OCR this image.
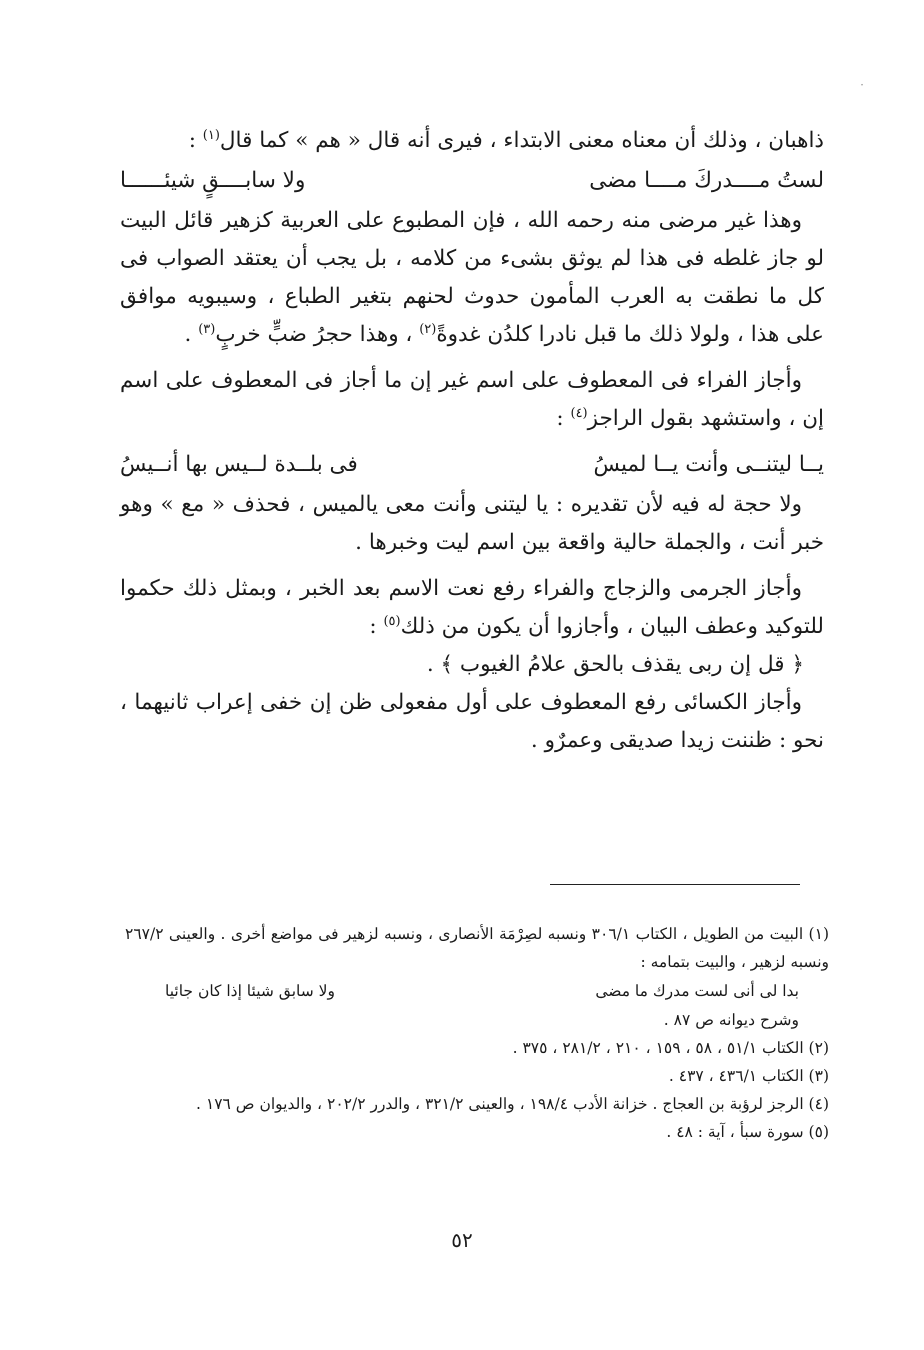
·

ذاهبان ، وذلك أن معناه معنى الابتداء ، فيرى أنه قال « هم » كما قال$^{(١)}$ :

لستُ مــــدركَ مــــا مضى
ولا سابــــقٍ شيئــــــا

وهذا غير مرضى منه رحمه الله ، فإن المطبوع على العربية كزهير قائل البيت لو جاز غلطه فى هذا لم يوثق بشىء من كلامه ، بل يجب أن يعتقد الصواب فى كل ما نطقت به العرب المأمون حدوث لحنهم بتغير الطباع ، وسيبويه موافق على هذا ، ولولا ذلك ما قبل نادرا كلدُن غدوةً$^{(٢)}$ ، وهذا حجرُ ضبٍّ خربٍ$^{(٣)}$ .

وأجاز الفراء فى المعطوف على اسم غير إن ما أجاز فى المعطوف على اسم إن ، واستشهد بقول الراجز$^{(٤)}$ :

يــا ليتنــى وأنت يــا لميسُ
فى بلــدة لــيس بها أنــيسُ

ولا حجة له فيه لأن تقديره : يا ليتنى وأنت معى يالميس ، فحذف « مع » وهو خبر أنت ، والجملة حالية واقعة بين اسم ليت وخبرها .

وأجاز الجرمى والزجاج والفراء رفع نعت الاسم بعد الخبر ، وبمثل ذلك حكموا للتوكيد وعطف البيان ، وأجازوا أن يكون من ذلك$^{(٥)}$ :

﴿ قل إن ربى يقذف بالحق علامُ الغيوب ﴾ .

وأجاز الكسائى رفع المعطوف على أول مفعولى ظن إن خفى إعراب ثانيهما ، نحو : ظننت زيدا صديقى وعمرٌو .

(١) البيت من الطويل ، الكتاب ٣٠٦/١ ونسبه لصِرْمَة الأنصارى ، ونسبه لزهير فى مواضع أخرى . والعينى ٢٦٧/٢ ونسبه لزهير ، والبيت بتمامه :

بدا لى أنى لست مدرك ما مضى
ولا سابق شيئا إذا كان جائيا

وشرح ديوانه ص ٨٧ .

(٢) الكتاب ٥١/١ ، ٥٨ ، ١٥٩ ، ٢١٠ ، ٢٨١/٢ ، ٣٧٥ .

(٣) الكتاب ٤٣٦/١ ، ٤٣٧ .

(٤) الرجز لرؤبة بن العجاج . خزانة الأدب ١٩٨/٤ ، والعينى ٣٢١/٢ ، والدرر ٢٠٢/٢ ، والديوان ص ١٧٦ .

(٥) سورة سبأ ، آية : ٤٨ .

٥٢
